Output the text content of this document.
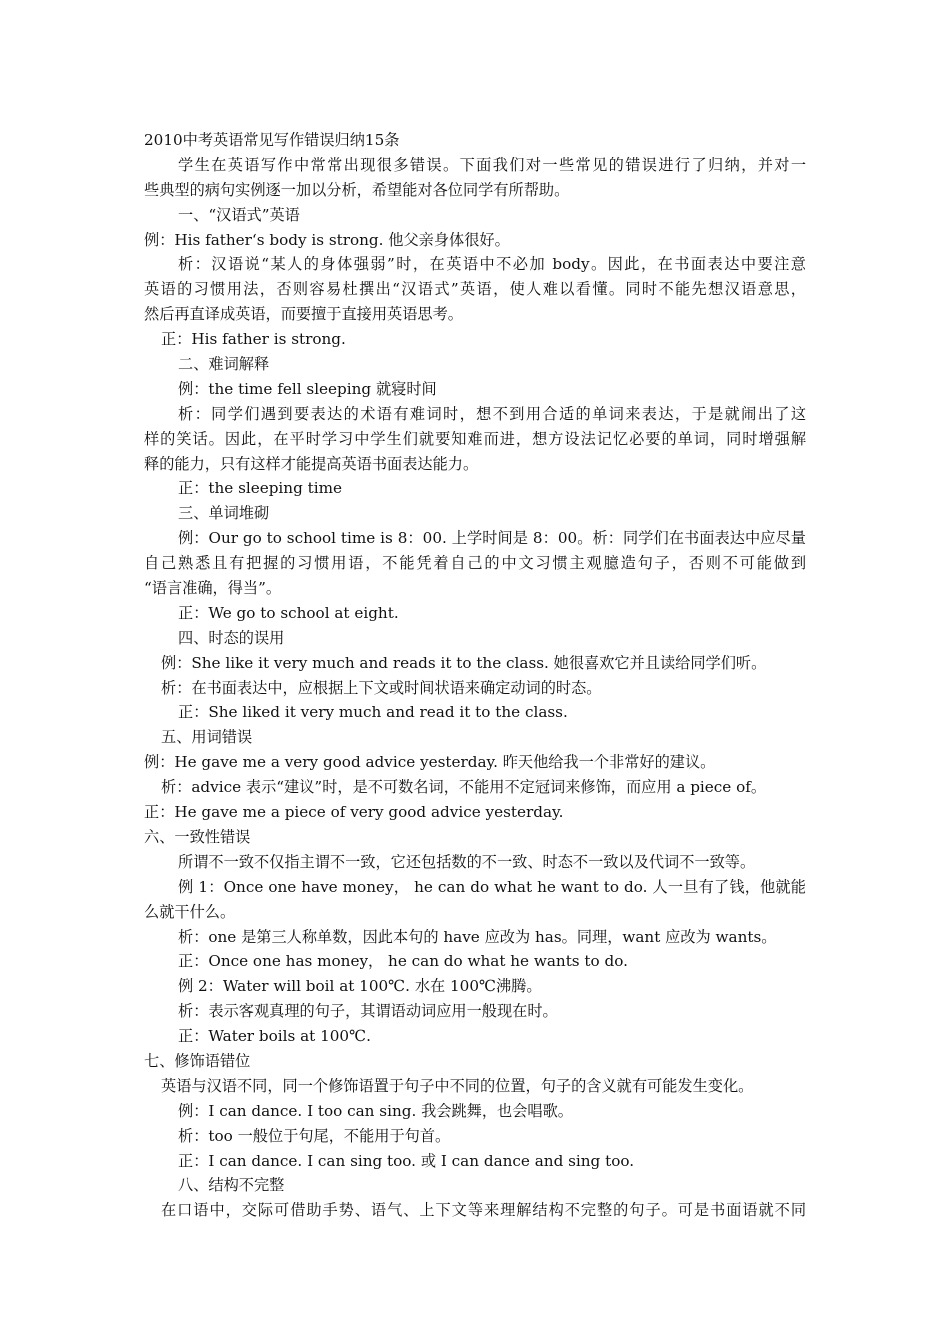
2010中考英语常见写作错误归纳15条
学生在英语写作中常常出现很多错误。下面我们对一些常见的错误进行了归纳，并对一
些典型的病句实例逐一加以分析，希望能对各位同学有所帮助。
一、“汉语式”英语
例：His father‘s body is strong. 他父亲身体很好。
析：汉语说“某人的身体强弱”时，在英语中不必加 body。因此，在书面表达中要注意
英语的习惯用法，否则容易杜撰出“汉语式”英语，使人难以看懂。同时不能先想汉语意思，
然后再直译成英语，而要擅于直接用英语思考。
正：His father is strong.
二、难词解释
例：the time fell sleeping 就寝时间
析：同学们遇到要表达的术语有难词时，想不到用合适的单词来表达，于是就闹出了这
样的笑话。因此，在平时学习中学生们就要知难而进，想方设法记忆必要的单词，同时增强解
释的能力，只有这样才能提高英语书面表达能力。
正：the sleeping time
三、单词堆砌
例：Our go to school time is 8：00. 上学时间是 8：00。析：同学们在书面表达中应尽量
自己熟悉且有把握的习惯用语，不能凭着自己的中文习惯主观臆造句子，否则不可能做到
“语言准确，得当”。
正：We go to school at eight.
四、时态的误用
例：She like it very much and reads it to the class. 她很喜欢它并且读给同学们听。
析：在书面表达中，应根据上下文或时间状语来确定动词的时态。
正：She liked it very much and read it to the class.
五、用词错误
例：He gave me a very good advice yesterday. 昨天他给我一个非常好的建议。
析：advice 表示“建议”时，是不可数名词，不能用不定冠词来修饰，而应用 a piece of。
正：He gave me a piece of very good advice yesterday.
六、一致性错误
所谓不一致不仅指主谓不一致，它还包括数的不一致、时态不一致以及代词不一致等。
例 1：Once one have money， he can do what he want to do. 人一旦有了钱，他就能
么就干什么。
析：one 是第三人称单数，因此本句的 have 应改为 has。同理，want 应改为 wants。
正：Once one has money， he can do what he wants to do.
例 2：Water will boil at 100℃. 水在 100℃沸腾。
析：表示客观真理的句子，其谓语动词应用一般现在时。
正：Water boils at 100℃.
七、修饰语错位
英语与汉语不同，同一个修饰语置于句子中不同的位置，句子的含义就有可能发生变化。
例：I can dance. I too can sing. 我会跳舞，也会唱歌。
析：too 一般位于句尾，不能用于句首。
正：I can dance. I can sing too. 或 I can dance and sing too.
八、结构不完整
在口语中，交际可借助手势、语气、上下文等来理解结构不完整的句子。可是书面语就不同
